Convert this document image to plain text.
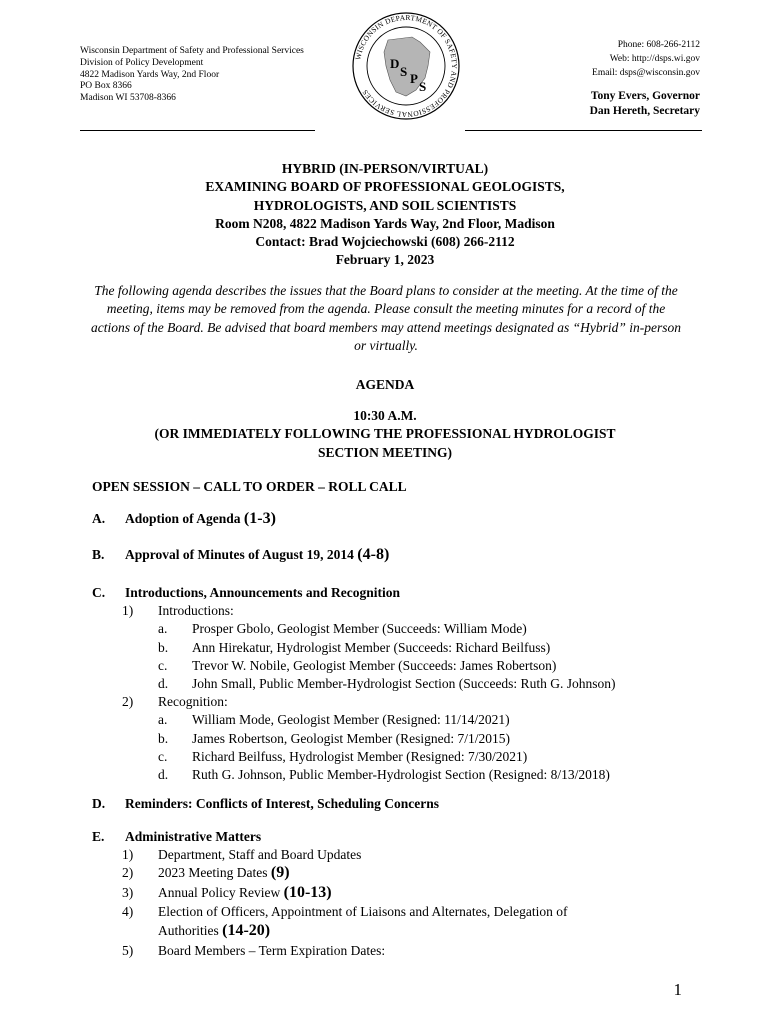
Wisconsin Department of Safety and Professional Services
Division of Policy Development
4822 Madison Yards Way, 2nd Floor
PO Box 8366
Madison WI 53708-8366
WISCONSIN DEPARTMENT OF SAFETY AND PROFESSIONAL SERVICES
D
S P
S
Phone: 608-266-2112
Web: http://dsps.wi.gov
Email: dsps@wisconsin.gov
Tony Evers, Governor
Dan Hereth, Secretary
HYBRID (IN-PERSON/VIRTUAL)
EXAMINING BOARD OF PROFESSIONAL GEOLOGISTS,
HYDROLOGISTS, AND SOIL SCIENTISTS
Room N208, 4822 Madison Yards Way, 2nd Floor, Madison
Contact: Brad Wojciechowski (608) 266-2112
February 1, 2023
The following agenda describes the issues that the Board plans to consider at the meeting. At the time of the meeting, items may be removed from the agenda. Please consult the meeting minutes for a record of the actions of the Board. Be advised that board members may attend meetings designated as “Hybrid” in-person or virtually.
AGENDA
10:30 A.M.
(OR IMMEDIATELY FOLLOWING THE PROFESSIONAL HYDROLOGIST
SECTION MEETING)
OPEN SESSION – CALL TO ORDER – ROLL CALL
A. Adoption of Agenda (1-3)
B. Approval of Minutes of August 19, 2014 (4-8)
C. Introductions, Announcements and Recognition
1) Introductions:
a. Prosper Gbolo, Geologist Member (Succeeds: William Mode)
b. Ann Hirekatur, Hydrologist Member (Succeeds: Richard Beilfuss)
c. Trevor W. Nobile, Geologist Member (Succeeds: James Robertson)
d. John Small, Public Member-Hydrologist Section (Succeeds: Ruth G. Johnson)
2) Recognition:
a. William Mode, Geologist Member (Resigned: 11/14/2021)
b. James Robertson, Geologist Member (Resigned: 7/1/2015)
c. Richard Beilfuss, Hydrologist Member (Resigned: 7/30/2021)
d. Ruth G. Johnson, Public Member-Hydrologist Section (Resigned: 8/13/2018)
D. Reminders: Conflicts of Interest, Scheduling Concerns
E. Administrative Matters
1) Department, Staff and Board Updates
2) 2023 Meeting Dates (9)
3) Annual Policy Review (10-13)
4) Election of Officers, Appointment of Liaisons and Alternates, Delegation of
Authorities (14-20)
5) Board Members – Term Expiration Dates:
1
